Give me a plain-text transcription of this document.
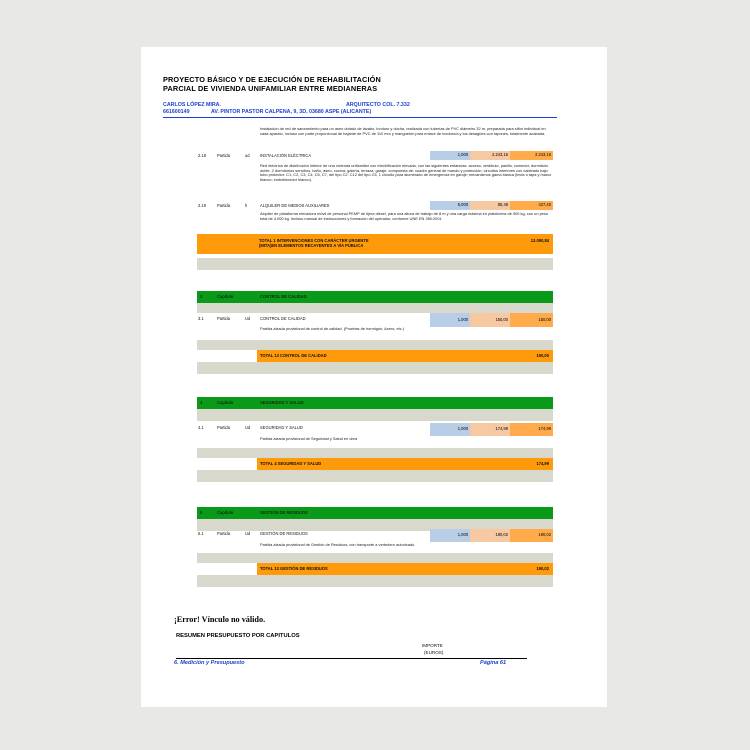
PROYECTO BÁSICO Y DE EJECUCIÓN DE REHABILITACIÓN
PARCIAL DE VIVIENDA UNIFAMILIAR ENTRE MEDIANERAS
CARLOS LÓPEZ MIRA.	ARQUITECTO COL. 7.332
661600149	AV. PINTOR PASTOR CALPENA, 9, 3D, 03680 ASPE (ALICANTE)
Instalación de red de saneamiento para un aseo dotado de lavabo, inodoro y ducha, realizada con tuberías de PVC diámetro 32 m, preparada para sifón individual en cada aparato, incluso con parte proporcional de bajante de PVC de 110 mm y manguetón para enlace de inodoro/a y los desagües con tapones, totalmente acabada.
2.18	Partida	ud	INSTALACIÓN ELÉCTRICA	1,000	2.243,16	2.243,16
Red eléctrica de distribución interior de una vivienda unifamiliar con electrificación elevada, con las siguientes estancias: acceso, vestíbulo, pasillo, comedor, dormitorio doble, 2 dormitorios sencillos, baño, aseo, cocina, galería, terraza, garaje, compuesta de: cuadro general de mando y protección; circuitos interiores con cableado bajo tubo protector: C1, C2, C3, C4, C5, C7, del tipo C2: C12 del tipo C5, 1 circuito para alumbrado de emergencia en garaje; mecanismos gama básica (tecla o tapa y marco blanco; embellecedor blanco).
2.19	Partida	h	ALQUILER DE MEDIOS AUXILIARES	5,000	85,48	427,40
Alquiler de plataforma elevadora móvil de personal PEMP de tijera diesel, para una altura de trabajo de 8 m y una carga máxima en plataforma de 900 kg, con un peso total de 4.000 kg. Incluso manual de instrucciones y formación del operador, conforme UNE EN 280:2001
TOTAL 1 INTERVENCIONES CON CARÁCTER URGENTE
(MITA)EN ELEMENTOS RECAYENTES A VÍA PÚBLICA
13.090,84
3	Capítulo	CONTROL DE CALIDAD
3.1	Partida	Ud CONTROL DE CALIDAD	1,000	150,00	150,00
Partida alzada provisional de control de calidad. (Pruebas de hormigón, Acero, etc.)
TOTAL 13 CONTROL DE CALIDAD	150,00
4	Capítulo	SEGURIDAD Y SALUD
4.1	Partida	Ud SEGURIDAD Y SALUD	1,000	174,99	174,99
Partida alzada provisional de Seguridad y Salud en obra
TOTAL 4 SEGURIDAD Y SALUD	174,99
5	Capítulo	GESTIÓN DE RESIDUOS
5.1	Partida	Ud GESTIÓN DE RESIDUOS	1,000	190,02	190,02
Partida alzada provisional de Gestión de Residuos, con transporte a vertedero autorizado.
TOTAL 13 GESTIÓN DE RESIDUOS	190,02
¡Error! Vínculo no válido.
RESUMEN PRESUPUESTO POR CAPITULOS
IMPORTE
(EUROS)
6. Medición y Presupuesto	Página 61
